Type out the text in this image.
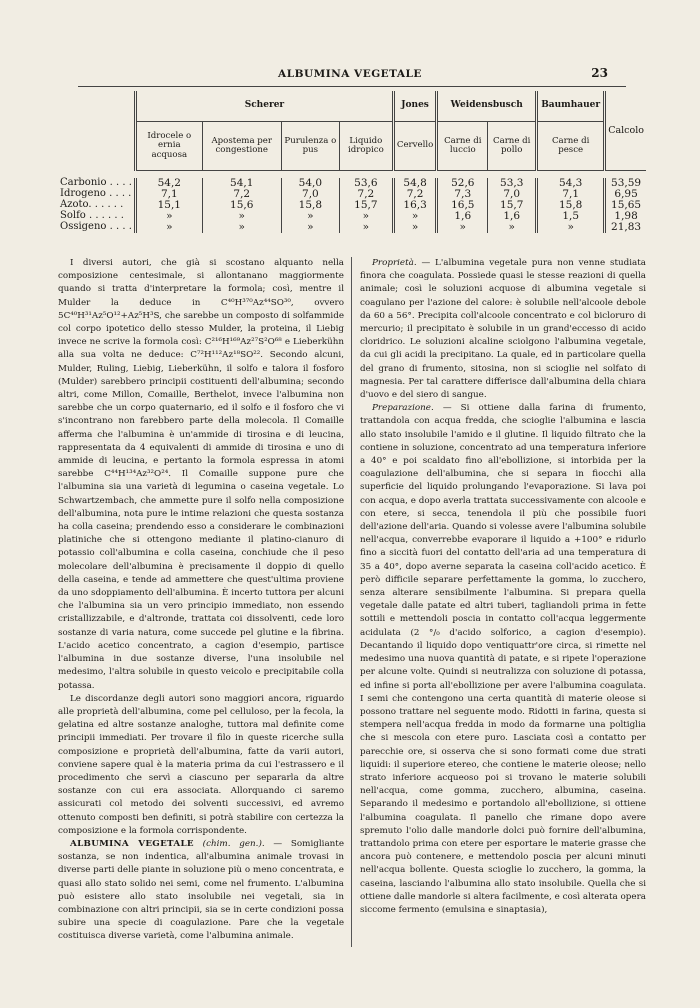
ALBUMINA VEGETALE	23
	Scherer				Jones	Weidensbusch		Baumhauer	Calcolo
	Idrocele o ernia acquosa	Apostema per congestione	Purulenza o pus	Liquido idropico	Cervello	Carne di luccio	Carne di pollo	Carne di pesce	

Carbonio . . . .	54,2	54,1	54,0	53,6	54,8	52,6	53,3	54,3	53,59
Idrogeno . . . .	7,1	7,2	7,0	7,2	7,2	7,3	7,0	7,1	6,95
Azoto. . . . . .	15,1	15,6	15,8	15,7	16,3	16,5	15,7	15,8	15,65
Solfo . . . . . .	»	»	»	»	»	1,6	1,6	1,5	1,98
Ossigeno . . . .	»	»	»	»	»	»	»	»	21,83

I diversi autori, che già si scostano alquanto nella composizione centesimale, si allontanano maggiormente quando si tratta d'interpretare la formola; così, mentre il Mulder la deduce in C⁴⁰H³⁷⁰Az⁴⁴SO³⁰, ovvero 5C⁴⁰H³¹Az⁵O¹²+Az⁵H³S, che sarebbe un composto di solfammide col corpo ipotetico dello stesso Mulder, la proteina, il Liebig invece ne scrive la formola così: C²¹⁶H¹⁶⁹Az²⁷S²O⁶⁸ e Lieberkühn alla sua volta ne deduce: C⁷²H¹¹²Az¹⁸SO²². Secondo alcuni, Mulder, Ruling, Liebig, Lieberkühn, il solfo e talora il fosforo (Mulder) sarebbero principii costituenti dell'albumina; secondo altri, come Millon, Comaille, Berthelot, invece l'albumina non sarebbe che un corpo quaternario, ed il solfo e il fosforo che vi s'incontrano non farebbero parte della molecola. Il Comaille afferma che l'albumina è un'ammide di tirosina e di leucina, rappresentata da 4 equivalenti di ammide di tirosina e uno di ammide di leucina, e pertanto la formola espressa in atomi sarebbe C⁴⁴H¹³⁴Az³²O²⁴. Il Comaille suppone pure che l'albumina sia una varietà di legumina o caseina vegetale. Lo Schwartzembach, che ammette pure il solfo nella composizione dell'albumina, nota pure le intime relazioni che questa sostanza ha colla caseina; prendendo esso a considerare le combinazioni platiniche che si ottengono mediante il platino-cianuro di potassio coll'albumina e colla caseina, conchiude che il peso molecolare dell'albumina è precisamente il doppio di quello della caseina, e tende ad ammettere che quest'ultima proviene da uno sdoppiamento dell'albumina. È incerto tuttora per alcuni che l'albumina sia un vero principio immediato, non essendo cristallizzabile, e d'altronde, trattata coi dissolventi, cede loro sostanze di varia natura, come succede pel glutine e la fibrina. L'acido acetico concentrato, a cagion d'esempio, partisce l'albumina in due sostanze diverse, l'una insolubile nel medesimo, l'altra solubile in questo veicolo e precipitabile colla potassa.

Le discordanze degli autori sono maggiori ancora, riguardo alle proprietà dell'albumina, come pel celluloso, per la fecola, la gelatina ed altre sostanze analoghe, tuttora mal definite come principii immediati. Per trovare il filo in queste ricerche sulla composizione e proprietà dell'albumina, fatte da varii autori, conviene sapere qual è la materia prima da cui l'estrassero e il procedimento che servì a ciascuno per separarla da altre sostanze con cui era associata. Allorquando ci saremo assicurati col metodo dei solventi successivi, ed avremo ottenuto composti ben definiti, si potrà stabilire con certezza la composizione e la formola corrispondente.

ALBUMINA VEGETALE (chim. gen.). — Somigliante sostanza, se non indentica, all'albumina animale trovasi in diverse parti delle piante in soluzione più o meno concentrata, e quasi allo stato solido nei semi, come nel frumento. L'albumina può esistere allo stato insolubile nei vegetali, sia in combinazione con altri principii, sia se in certe condizioni possa subire una specie di coagulazione. Pare che la vegetale costituisca diverse varietà, come l'albumina animale.

Proprietà. — L'albumina vegetale pura non venne studiata finora che coagulata. Possiede quasi le stesse reazioni di quella animale; così le soluzioni acquose di albumina vegetale si coagulano per l'azione del calore: è solubile nell'alcoole debole da 60 a 56°. Precipita coll'alcoole concentrato e col bicloruro di mercurio; il precipitato è solubile in un grand'eccesso di acido cloridrico. Le soluzioni alcaline sciolgono l'albumina vegetale, da cui gli acidi la precipitano. La quale, ed in particolare quella del grano di frumento, sitosina, non si scioglie nel solfato di magnesia. Per tal carattere differisce dall'albumina della chiara d'uovo e del siero di sangue.

Preparazione. — Si ottiene dalla farina di frumento, trattandola con acqua fredda, che scioglie l'albumina e lascia allo stato insolubile l'amido e il glutine. Il liquido filtrato che la contiene in soluzione, concentrato ad una temperatura inferiore a 40° e poi scaldato fino all'ebollizione, si intorbida per la coagulazione dell'albumina, che si separa in fiocchi alla superficie del liquido prolungando l'evaporazione. Si lava poi con acqua, e dopo averla trattata successivamente con alcoole e con etere, si secca, tenendola il più che possibile fuori dell'azione dell'aria. Quando si volesse avere l'albumina solubile nell'acqua, converrebbe evaporare il liquido a +100° e ridurlo fino a siccità fuori del contatto dell'aria ad una temperatura di 35 a 40°, dopo averne separata la caseina coll'acido acetico. È però difficile separare perfettamente la gomma, lo zucchero, senza alterare sensibilmente l'albumina. Si prepara quella vegetale dalle patate ed altri tuberi, tagliandoli prima in fette sottili e mettendoli poscia in contatto coll'acqua leggermente acidulata (2 °/₀ d'acido solforico, a cagion d'esempio). Decantando il liquido dopo ventiquattr'ore circa, si rimette nel medesimo una nuova quantità di patate, e si ripete l'operazione per alcune volte. Quindi si neutralizza con soluzione di potassa, ed infine si porta all'ebollizione per avere l'albumina coagulata. I semi che contengono una certa quantità di materie oleose si possono trattare nel seguente modo. Ridotti in farina, questa si stempera nell'acqua fredda in modo da formarne una poltiglia che si mescola con etere puro. Lasciata così a contatto per parecchie ore, si osserva che si sono formati come due strati liquidi: il superiore etereo, che contiene le materie oleose; nello strato inferiore acqueoso poi si trovano le materie solubili nell'acqua, come gomma, zucchero, albumina, caseina. Separando il medesimo e portandolo all'ebollizione, si ottiene l'albumina coagulata. Il panello che rimane dopo avere spremuto l'olio dalle mandorle dolci può fornire dell'albumina, trattandolo prima con etere per esportare le materie grasse che ancora può contenere, e mettendolo poscia per alcuni minuti nell'acqua bollente. Questa scioglie lo zucchero, la gomma, la caseina, lasciando l'albumina allo stato insolubile. Quella che si ottiene dalle mandorle si altera facilmente, e così alterata opera siccome fermento (emulsina e sinaptasia),
